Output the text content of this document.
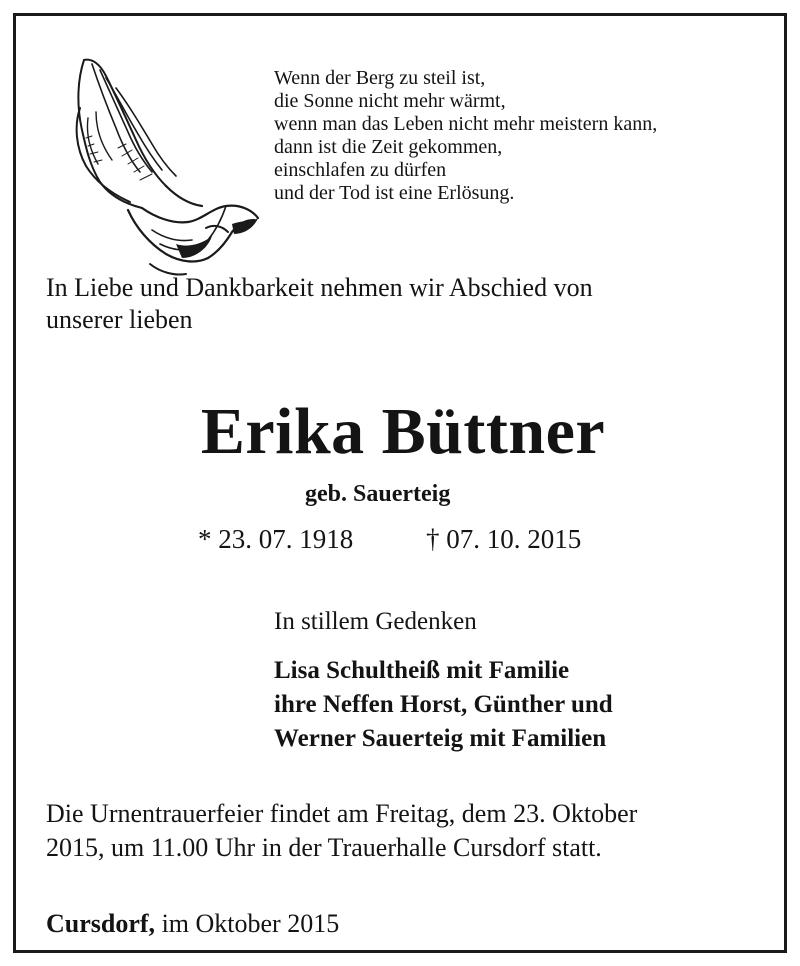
Wenn der Berg zu steil ist,
die Sonne nicht mehr wärmt,
wenn man das Leben nicht mehr meistern kann,
dann ist die Zeit gekommen,
einschlafen zu dürfen
und der Tod ist eine Erlösung.
In Liebe und Dankbarkeit nehmen wir Abschied von
unserer lieben
Erika Büttner
geb. Sauerteig
* 23. 07. 1918	† 07. 10. 2015
In stillem Gedenken
Lisa Schultheiß mit Familie
ihre Neffen Horst, Günther und
Werner Sauerteig mit Familien
Die Urnentrauerfeier findet am Freitag, dem 23. Oktober
2015, um 11.00 Uhr in der Trauerhalle Cursdorf statt.
Cursdorf, im Oktober 2015
